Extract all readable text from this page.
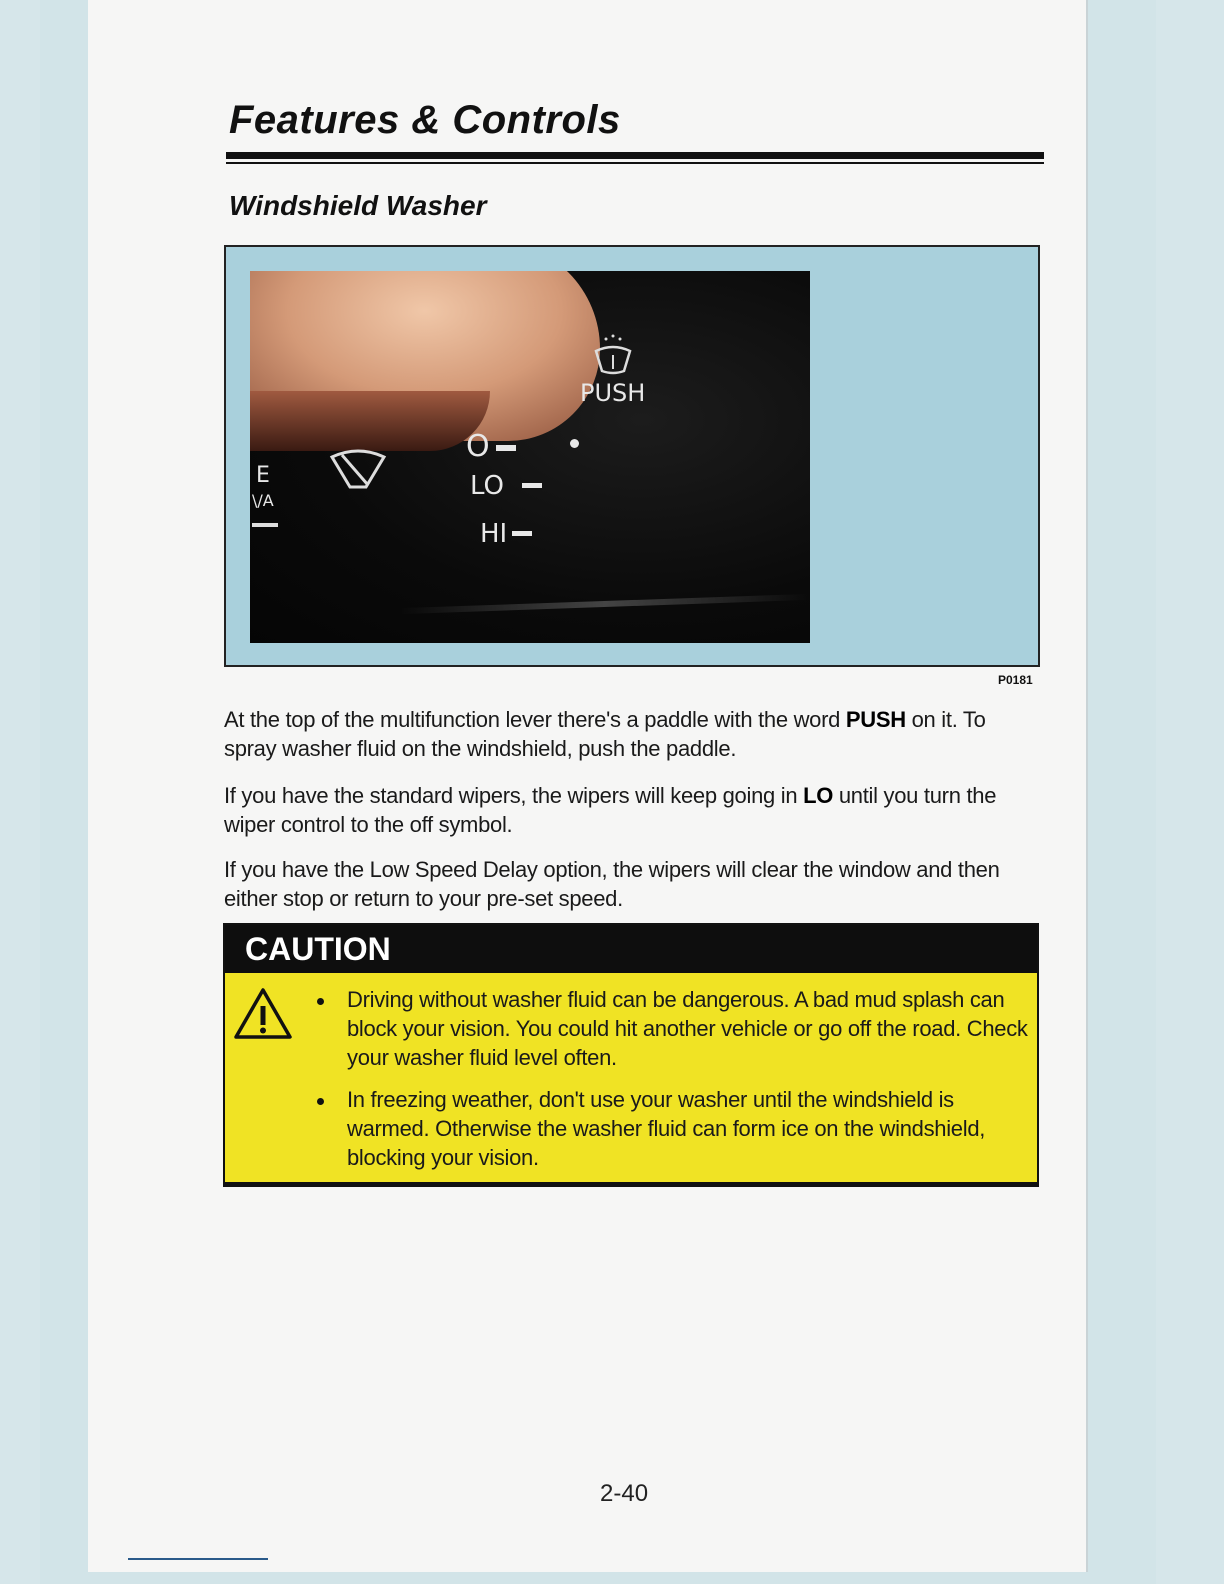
Features & Controls
Windshield Washer
PUSH
O
LO
HI
E
\/A
P0181

At the top of the multifunction lever there's a paddle with the word PUSH on it. To spray washer fluid on the windshield, push the paddle.

If you have the standard wipers, the wipers will keep going in LO until you turn the wiper control to the off symbol.

If you have the Low Speed Delay option, the wipers will clear the window and then either stop or return to your pre-set speed.

CAUTION
Driving without washer fluid can be dangerous. A bad mud splash can block your vision. You could hit another vehicle or go off the road. Check your washer fluid level often.
In freezing weather, don't use your washer until the windshield is warmed. Otherwise the washer fluid can form ice on the windshield, blocking your vision.
2-40
